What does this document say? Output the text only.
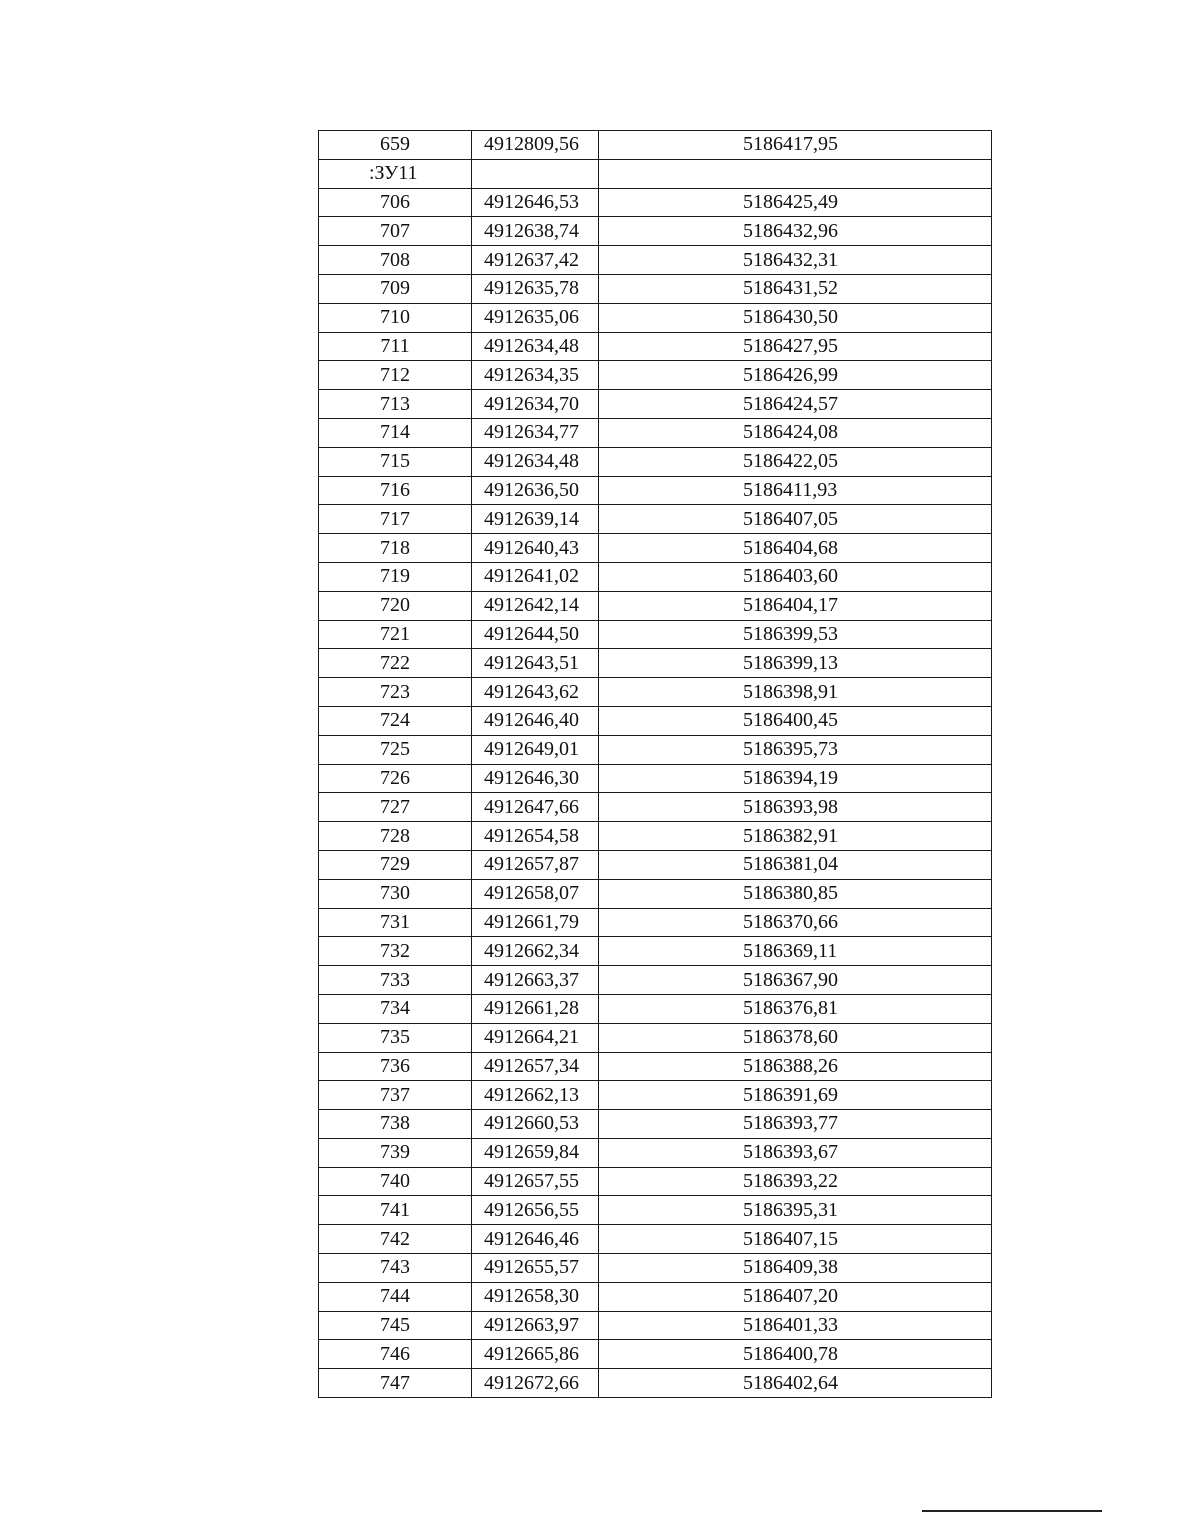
659	4912809,56	5186417,95
:ЗУ11		
706	4912646,53	5186425,49
707	4912638,74	5186432,96
708	4912637,42	5186432,31
709	4912635,78	5186431,52
710	4912635,06	5186430,50
711	4912634,48	5186427,95
712	4912634,35	5186426,99
713	4912634,70	5186424,57
714	4912634,77	5186424,08
715	4912634,48	5186422,05
716	4912636,50	5186411,93
717	4912639,14	5186407,05
718	4912640,43	5186404,68
719	4912641,02	5186403,60
720	4912642,14	5186404,17
721	4912644,50	5186399,53
722	4912643,51	5186399,13
723	4912643,62	5186398,91
724	4912646,40	5186400,45
725	4912649,01	5186395,73
726	4912646,30	5186394,19
727	4912647,66	5186393,98
728	4912654,58	5186382,91
729	4912657,87	5186381,04
730	4912658,07	5186380,85
731	4912661,79	5186370,66
732	4912662,34	5186369,11
733	4912663,37	5186367,90
734	4912661,28	5186376,81
735	4912664,21	5186378,60
736	4912657,34	5186388,26
737	4912662,13	5186391,69
738	4912660,53	5186393,77
739	4912659,84	5186393,67
740	4912657,55	5186393,22
741	4912656,55	5186395,31
742	4912646,46	5186407,15
743	4912655,57	5186409,38
744	4912658,30	5186407,20
745	4912663,97	5186401,33
746	4912665,86	5186400,78
747	4912672,66	5186402,64
